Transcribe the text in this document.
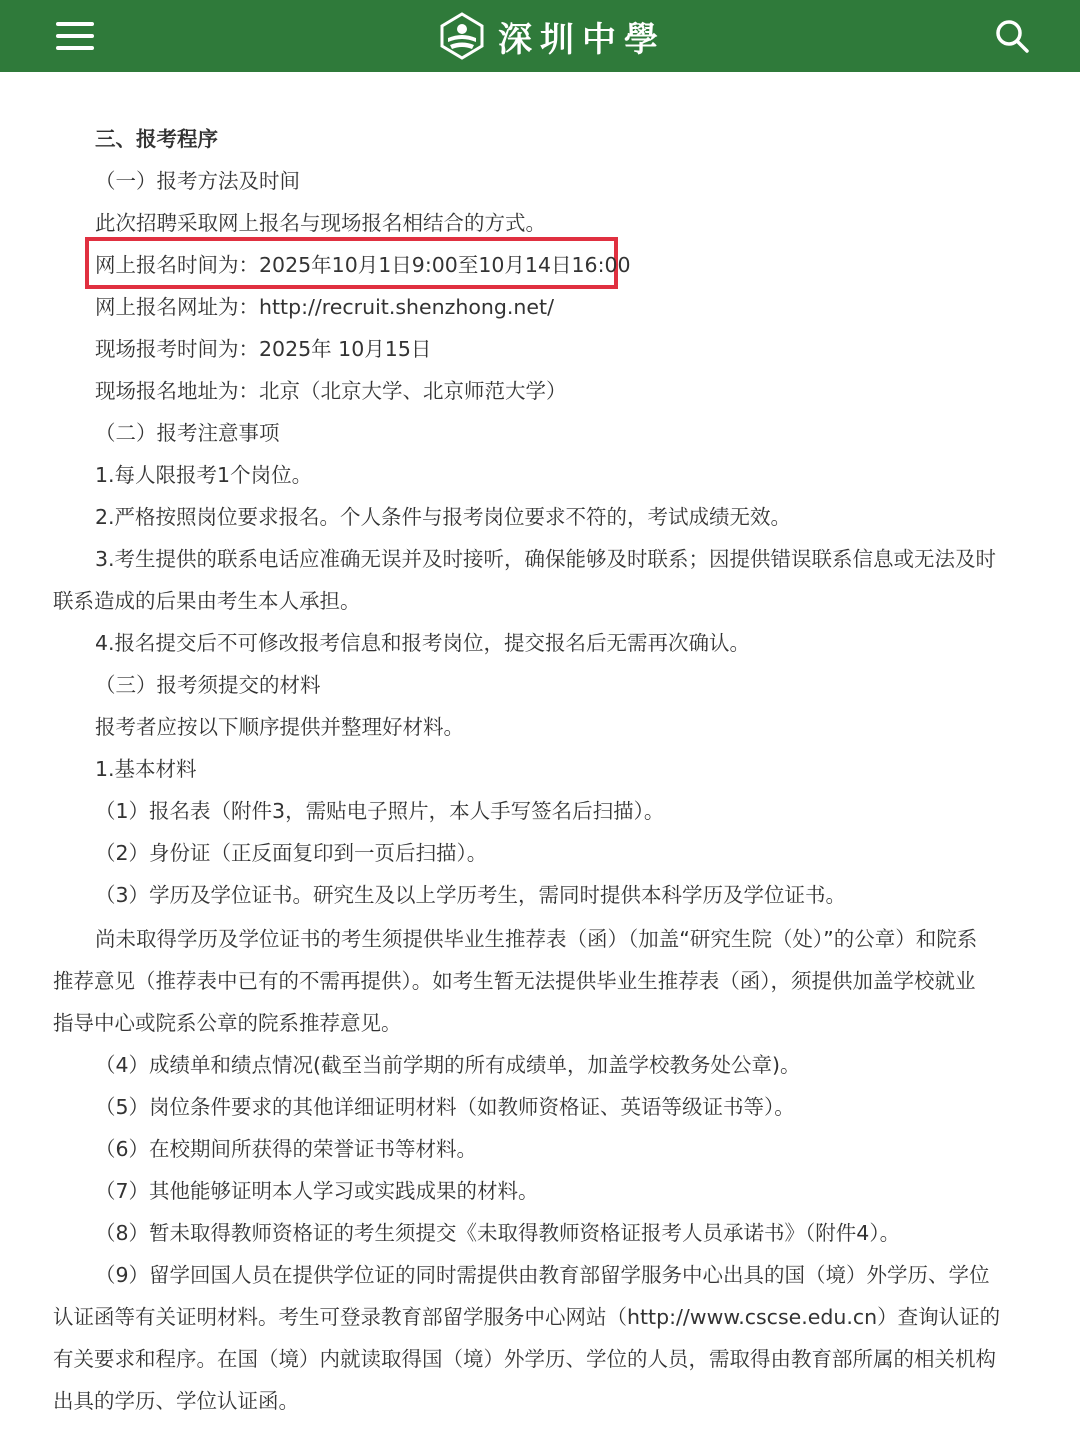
深圳中學
三、报考程序
（一）报考方法及时间
此次招聘采取网上报名与现场报名相结合的方式。
网上报名时间为：2025年10月1日9:00至10月14日16:00
网上报名网址为：http://recruit.shenzhong.net/
现场报考时间为：2025年 10月15日
现场报名地址为：北京（北京大学、北京师范大学）
（二）报考注意事项
1.每人限报考1个岗位。
2.严格按照岗位要求报名。个人条件与报考岗位要求不符的，考试成绩无效。
3.考生提供的联系电话应准确无误并及时接听，确保能够及时联系；因提供错误联系信息或无法及时
联系造成的后果由考生本人承担。
4.报名提交后不可修改报考信息和报考岗位，提交报名后无需再次确认。
（三）报考须提交的材料
报考者应按以下顺序提供并整理好材料。
1.基本材料
（1）报名表（附件3，需贴电子照片，本人手写签名后扫描）。
（2）身份证（正反面复印到一页后扫描）。
（3）学历及学位证书。研究生及以上学历考生，需同时提供本科学历及学位证书。
尚未取得学历及学位证书的考生须提供毕业生推荐表（函）（加盖“研究生院（处）”的公章）和院系
推荐意见（推荐表中已有的不需再提供）。如考生暂无法提供毕业生推荐表（函），须提供加盖学校就业
指导中心或院系公章的院系推荐意见。
（4）成绩单和绩点情况(截至当前学期的所有成绩单，加盖学校教务处公章)。
（5）岗位条件要求的其他详细证明材料（如教师资格证、英语等级证书等）。
（6）在校期间所获得的荣誉证书等材料。
（7）其他能够证明本人学习或实践成果的材料。
（8）暂未取得教师资格证的考生须提交《未取得教师资格证报考人员承诺书》（附件4）。
（9）留学回国人员在提供学位证的同时需提供由教育部留学服务中心出具的国（境）外学历、学位
认证函等有关证明材料。考生可登录教育部留学服务中心网站（http://www.cscse.edu.cn）查询认证的
有关要求和程序。在国（境）内就读取得国（境）外学历、学位的人员，需取得由教育部所属的相关机构
出具的学历、学位认证函。
